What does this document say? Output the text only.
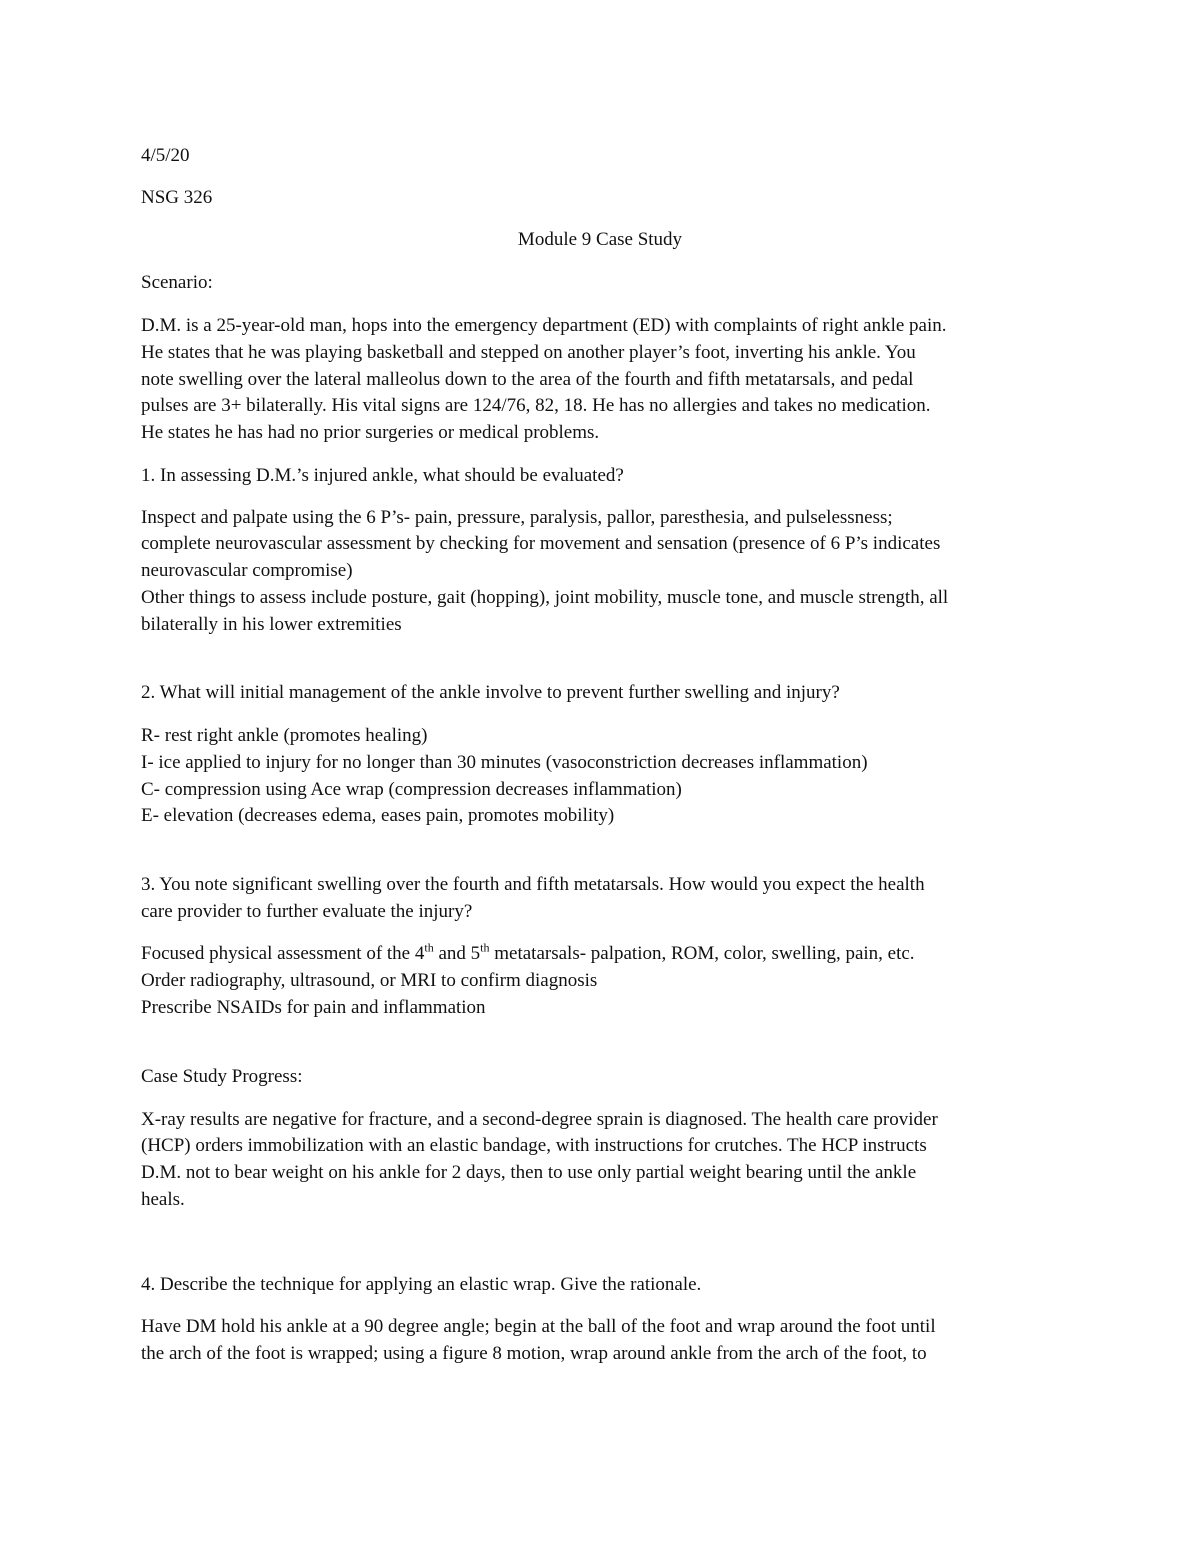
4/5/20

NSG 326

Module 9 Case Study

Scenario:

D.M. is a 25-year-old man, hops into the emergency department (ED) with complaints of right ankle pain.

He states that he was playing basketball and stepped on another player’s foot, inverting his ankle. You

note swelling over the lateral malleolus down to the area of the fourth and fifth metatarsals, and pedal

pulses are 3+ bilaterally. His vital signs are 124/76, 82, 18. He has no allergies and takes no medication.

He states he has had no prior surgeries or medical problems.

1. In assessing D.M.’s injured ankle, what should be evaluated?

Inspect and palpate using the 6 P’s- pain, pressure, paralysis, pallor, paresthesia, and pulselessness;

complete neurovascular assessment by checking for movement and sensation (presence of 6 P’s indicates

neurovascular compromise)

Other things to assess include posture, gait (hopping), joint mobility, muscle tone, and muscle strength, all

bilaterally in his lower extremities

2. What will initial management of the ankle involve to prevent further swelling and injury?

R- rest right ankle (promotes healing)

I- ice applied to injury for no longer than 30 minutes (vasoconstriction decreases inflammation)

C- compression using Ace wrap (compression decreases inflammation)

E- elevation (decreases edema, eases pain, promotes mobility)

3. You note significant swelling over the fourth and fifth metatarsals. How would you expect the health

care provider to further evaluate the injury?

Focused physical assessment of the 4th and 5th metatarsals- palpation, ROM, color, swelling, pain, etc.

Order radiography, ultrasound, or MRI to confirm diagnosis

Prescribe NSAIDs for pain and inflammation

Case Study Progress:

X-ray results are negative for fracture, and a second-degree sprain is diagnosed. The health care provider

(HCP) orders immobilization with an elastic bandage, with instructions for crutches. The HCP instructs

D.M. not to bear weight on his ankle for 2 days, then to use only partial weight bearing until the ankle

heals.

4. Describe the technique for applying an elastic wrap. Give the rationale.

Have DM hold his ankle at a 90 degree angle; begin at the ball of the foot and wrap around the foot until

the arch of the foot is wrapped; using a figure 8 motion, wrap around ankle from the arch of the foot, to
